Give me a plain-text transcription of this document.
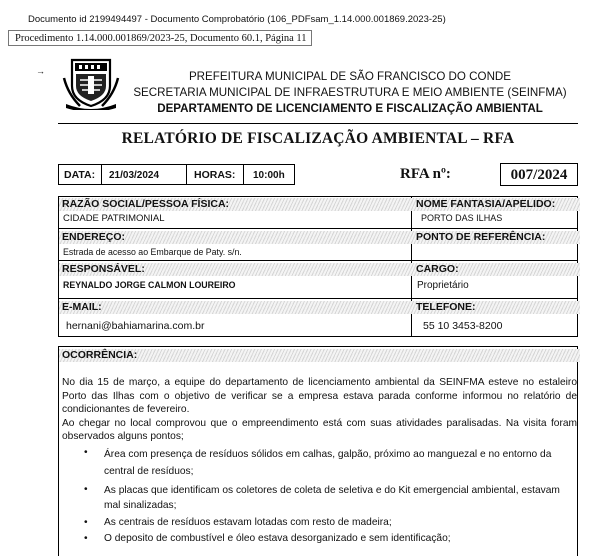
Documento id 2199494497 - Documento Comprobatório (106_PDFsam_1.14.000.001869.2023-25)
Procedimento 1.14.000.001869/2023-25, Documento 60.1, Página 11
→	PREFEITURA MUNICIPAL DE SÃO FRANCISCO DO CONDE
SECRETARIA MUNICIPAL DE INFRAESTRUTURA E MEIO AMBIENTE (SEINFMA)
DEPARTAMENTO DE LICENCIAMENTO E FISCALIZAÇÃO AMBIENTAL
RELATÓRIO DE FISCALIZAÇÃO AMBIENTAL – RFA
DATA:	21/03/2024	HORAS:	10:00h	RFA nº:	007/2024
RAZÃO SOCIAL/PESSOA FÍSICA:
CIDADE PATRIMONIAL
NOME FANTASIA/APELIDO:
PORTO DAS ILHAS
ENDEREÇO:
Estrada de acesso ao Embarque de Paty. s/n.
PONTO DE REFERÊNCIA:
RESPONSÁVEL:
REYNALDO JORGE CALMON LOUREIRO
CARGO:
Proprietário
E-MAIL:
hernani@bahiamarina.com.br
TELEFONE:
55 10 3453-8200
OCORRÊNCIA:

No dia 15 de março, a equipe do departamento de licenciamento ambiental da SEINFMA esteve no estaleiro Porto das Ilhas com o objetivo de verificar se a empresa estava parada conforme informou no relatório de condicionantes de fevereiro.

Ao chegar no local comprovou que o empreendimento está com suas atividades paralisadas. Na visita foram observados alguns pontos;

• Área com presença de resíduos sólidos em calhas, galpão, próximo ao manguezal e no entorno da central de resíduos;
• As placas que identificam os coletores de coleta de seletiva e do Kit emergencial ambiental, estavam mal sinalizadas;
• As centrais de resíduos estavam lotadas com resto de madeira;
• O deposito de combustível e óleo estava desorganizado e sem identificação;
